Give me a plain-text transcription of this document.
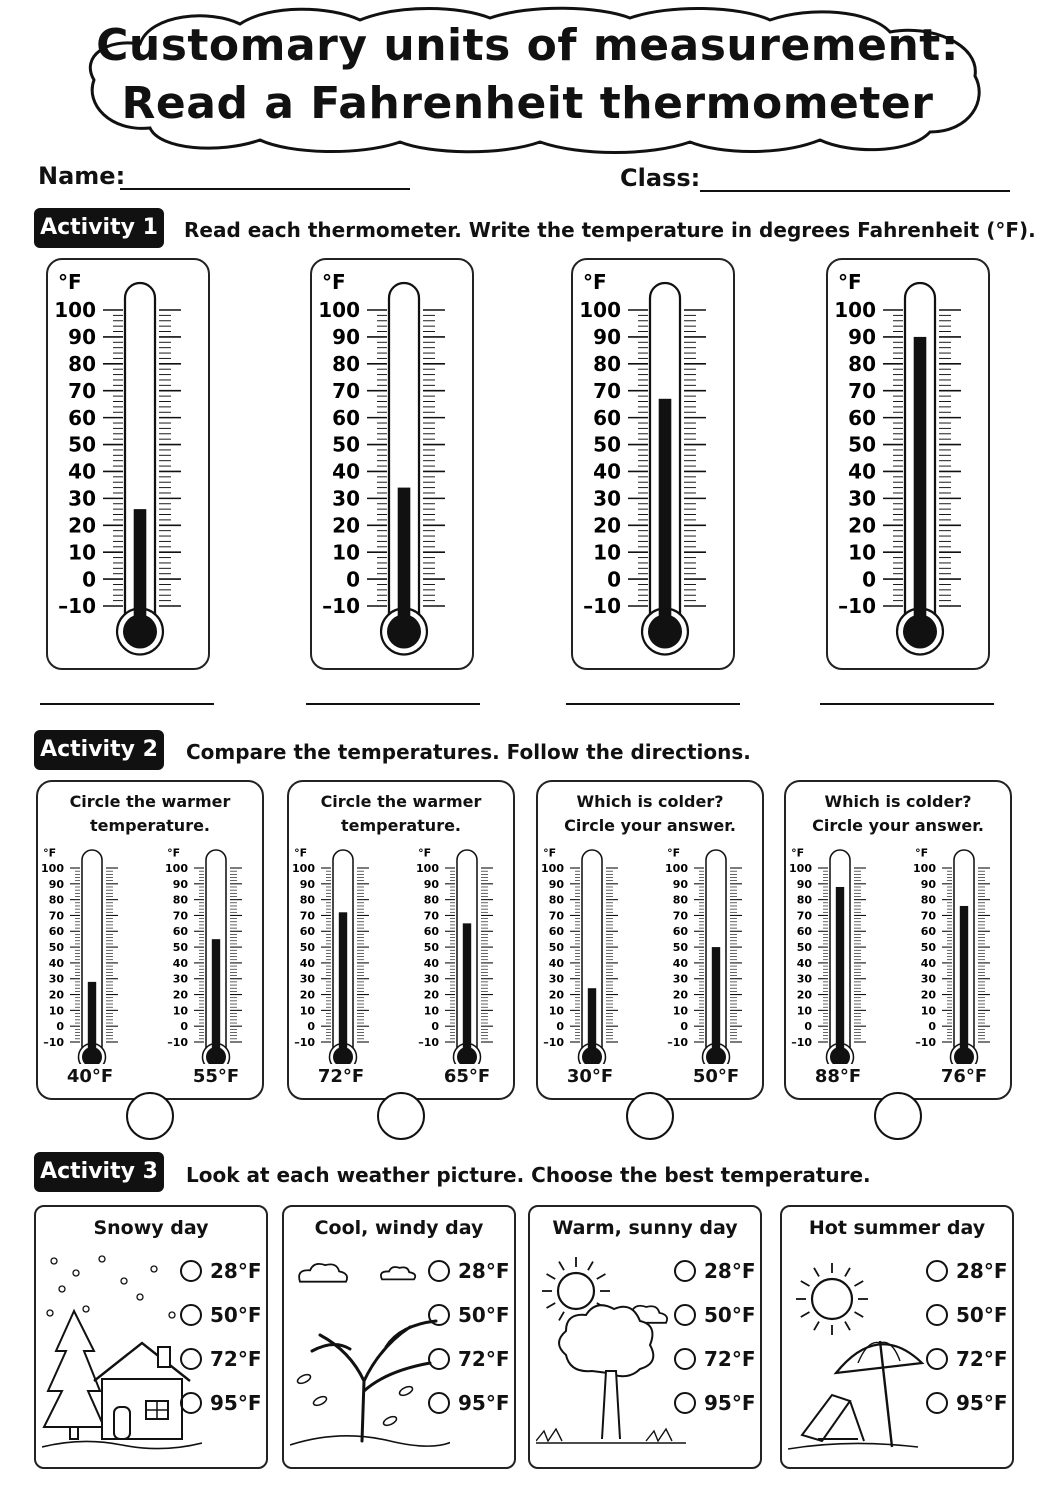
Customary units of measurement:
Read a Fahrenheit thermometer
Name:	Class:
Activity 1	Read each thermometer. Write the temperature in degrees Fahrenheit (°F).
°F
100
90
80
70
60
50
40
30
20
10
0
–10
°F
100
90
80
70
60
50
40
30
20
10
0
–10
°F
100
90
80
70
60
50
40
30
20
10
0
–10
°F
100
90
80
70
60
50
40
30
20
10
0
–10
Activity 2	Compare the temperatures. Follow the directions.
Circle the warmer
temperature.
°F
100
90
80
70
60
50
40
30
20
10
0
–10
°F
100
90
80
70
60
50
40
30
20
10
0
–10
40°F	55°F
Circle the warmer
temperature.
°F
100
90
80
70
60
50
40
30
20
10
0
–10
°F
100
90
80
70
60
50
40
30
20
10
0
–10
72°F	65°F
Which is colder?
Circle your answer.
°F
100
90
80
70
60
50
40
30
20
10
0
–10
°F
100
90
80
70
60
50
40
30
20
10
0
–10
30°F	50°F
Which is colder?
Circle your answer.
°F
100
90
80
70
60
50
40
30
20
10
0
–10
°F
100
90
80
70
60
50
40
30
20
10
0
–10
88°F	76°F
Activity 3	Look at each weather picture. Choose the best temperature.
Snowy day
28°F
50°F
72°F
95°F
Cool, windy day
28°F
50°F
72°F
95°F
Warm, sunny day
28°F
50°F
72°F
95°F
Hot summer day
28°F
50°F
72°F
95°F
